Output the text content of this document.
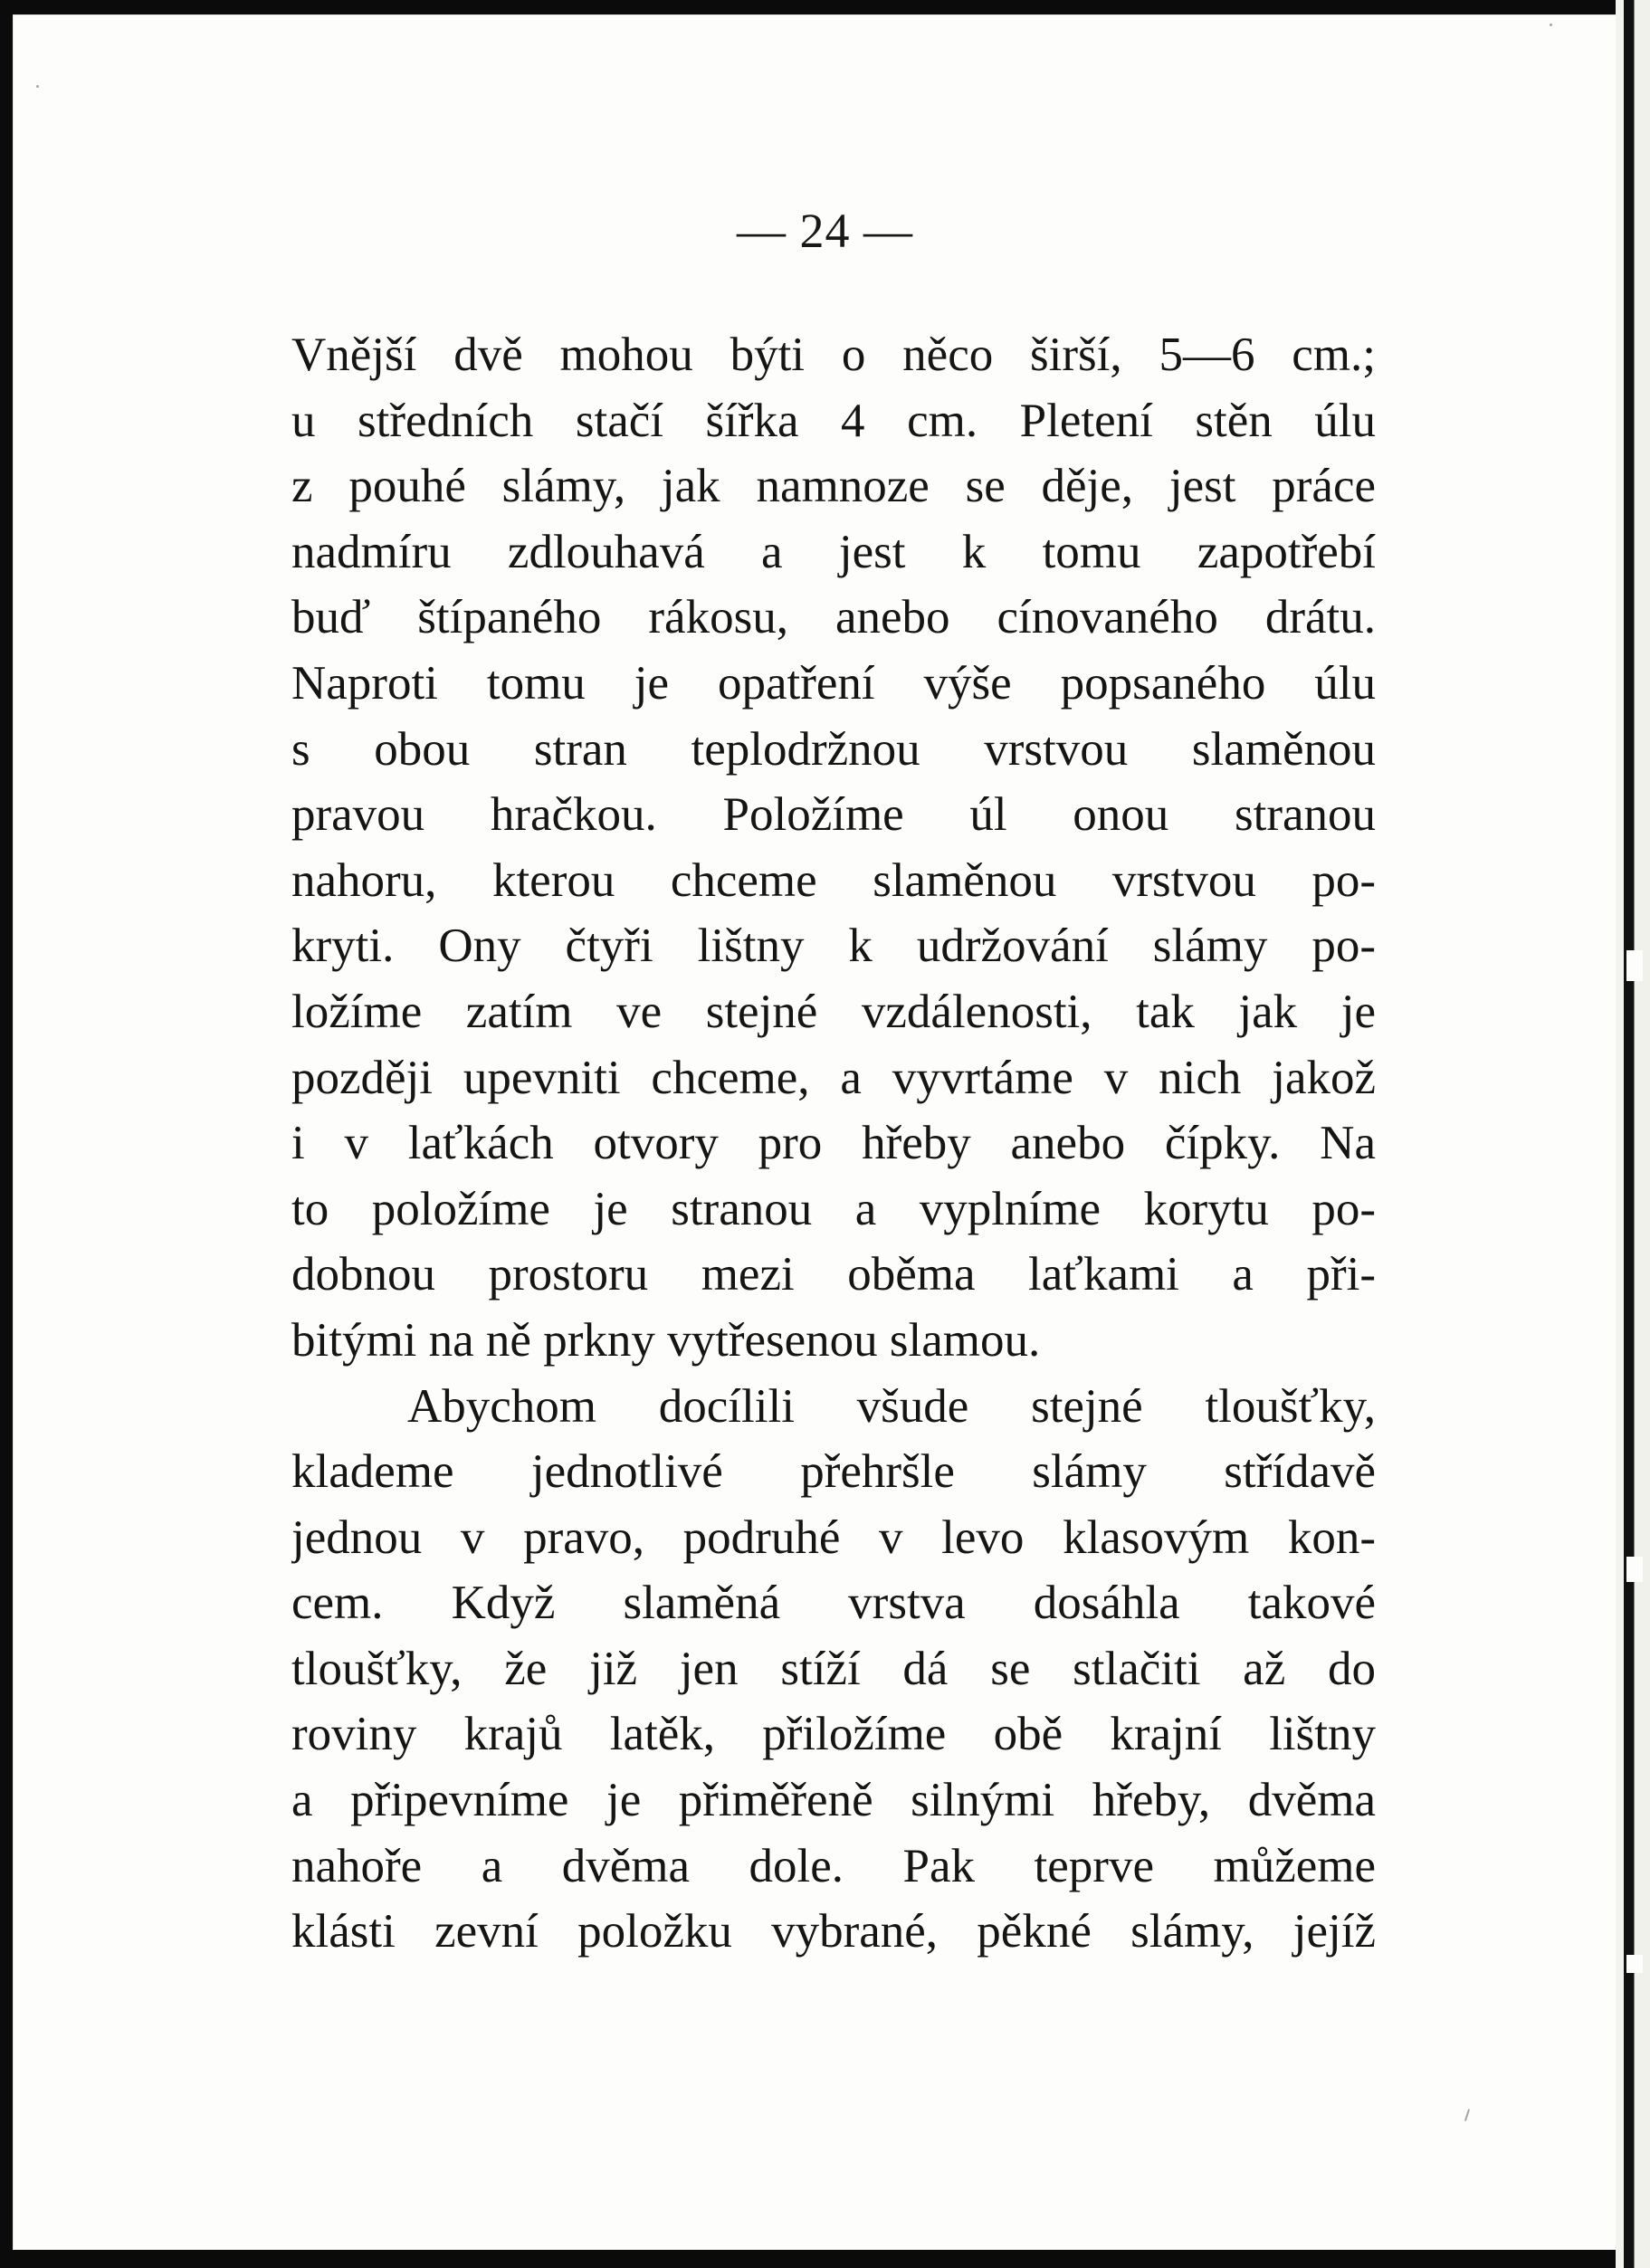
— 24 —
Vnější dvě mohou býti o něco širší, 5—6 cm.;
u středních stačí šířka 4 cm. Pletení stěn úlu
z pouhé slámy, jak namnoze se děje, jest práce
nadmíru zdlouhavá a jest k tomu zapotřebí
buď štípaného rákosu, anebo cínovaného drátu.
Naproti tomu je opatření výše popsaného úlu
s obou stran teplodržnou vrstvou slaměnou
pravou hračkou. Položíme úl onou stranou
nahoru, kterou chceme slaměnou vrstvou po-
kryti. Ony čtyři lištny k udržování slámy po-
ložíme zatím ve stejné vzdálenosti, tak jak je
později upevniti chceme, a vyvrtáme v nich jakož
i v laťkách otvory pro hřeby anebo čípky. Na
to položíme je stranou a vyplníme korytu po-
dobnou prostoru mezi oběma laťkami a při-
bitými na ně prkny vytřesenou slamou.
Abychom docílili všude stejné tloušťky,
klademe jednotlivé přehršle slámy střídavě
jednou v pravo, podruhé v levo klasovým kon-
cem. Když slaměná vrstva dosáhla takové
tloušťky, že již jen stíží dá se stlačiti až do
roviny krajů latěk, přiložíme obě krajní lištny
a připevníme je přiměřeně silnými hřeby, dvěma
nahoře a dvěma dole. Pak teprve můžeme
klásti zevní položku vybrané, pěkné slámy, jejíž
